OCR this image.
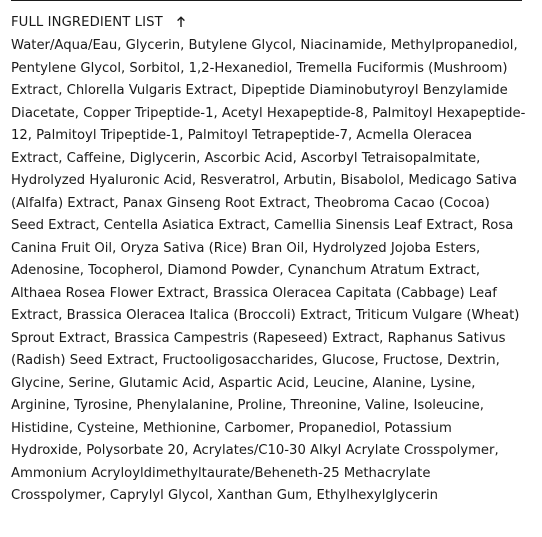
FULL INGREDIENT LIST

Water/Aqua/Eau, Glycerin, Butylene Glycol, Niacinamide, Methylpropanediol, Pentylene Glycol, Sorbitol, 1,2-Hexanediol, Tremella Fuciformis (Mushroom) Extract, Chlorella Vulgaris Extract, Dipeptide Diaminobutyroyl Benzylamide Diacetate, Copper Tripeptide-1, Acetyl Hexapeptide-8, Palmitoyl Hexapeptide-12, Palmitoyl Tripeptide-1, Palmitoyl Tetrapeptide-7, Acmella Oleracea Extract, Caffeine, Diglycerin, Ascorbic Acid, Ascorbyl Tetraisopalmitate, Hydrolyzed Hyaluronic Acid, Resveratrol, Arbutin, Bisabolol, Medicago Sativa (Alfalfa) Extract, Panax Ginseng Root Extract, Theobroma Cacao (Cocoa) Seed Extract, Centella Asiatica Extract, Camellia Sinensis Leaf Extract, Rosa Canina Fruit Oil, Oryza Sativa (Rice) Bran Oil, Hydrolyzed Jojoba Esters, Adenosine, Tocopherol, Diamond Powder, Cynanchum Atratum Extract, Althaea Rosea Flower Extract, Brassica Oleracea Capitata (Cabbage) Leaf Extract, Brassica Oleracea Italica (Broccoli) Extract, Triticum Vulgare (Wheat) Sprout Extract, Brassica Campestris (Rapeseed) Extract, Raphanus Sativus (Radish) Seed Extract, Fructooligosaccharides, Glucose, Fructose, Dextrin, Glycine, Serine, Glutamic Acid, Aspartic Acid, Leucine, Alanine, Lysine, Arginine, Tyrosine, Phenylalanine, Proline, Threonine, Valine, Isoleucine, Histidine, Cysteine, Methionine, Carbomer, Propanediol, Potassium Hydroxide, Polysorbate 20, Acrylates/C10-30 Alkyl Acrylate Crosspolymer, Ammonium Acryloyldimethyltaurate/Beheneth-25 Methacrylate Crosspolymer, Caprylyl Glycol, Xanthan Gum, Ethylhexylglycerin
